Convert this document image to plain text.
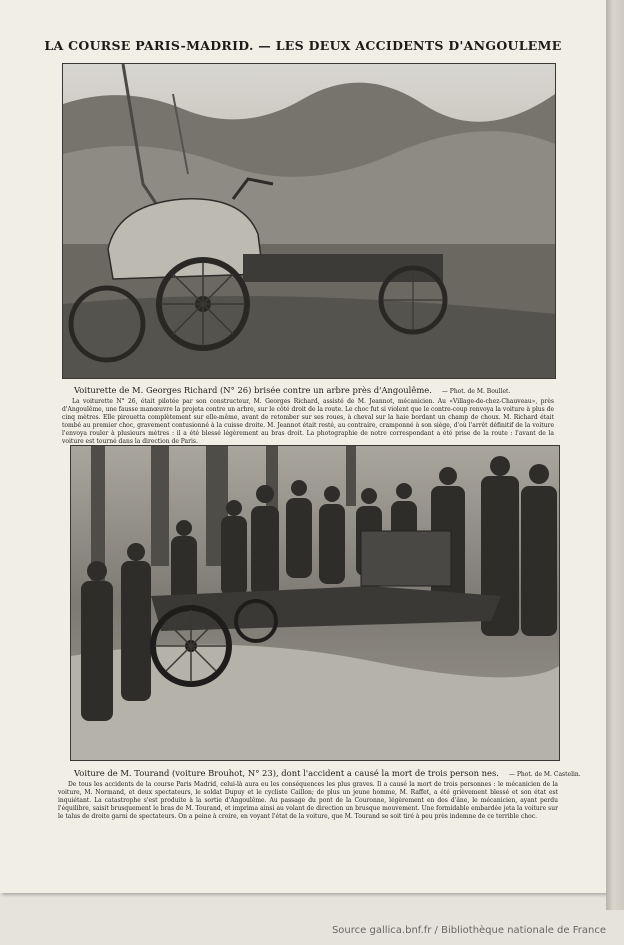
LA COURSE PARIS-MADRID. — LES DEUX ACCIDENTS D'ANGOULEME
Voiturette de M. Georges Richard (N° 26) brisée contre un arbre près d'Angoulême. — Phot. de M. Boullet.
La voiturette N° 26, était pilotée par son constructeur, M. Georges Richard, assisté de M. Jeannot, mécanicien. Au «Village-de-chez-Chauveau», près d'Angoulême, une fausse manœuvre la projeta contre un arbre, sur le côté droit de la route. Le choc fut si violent que le contre-coup renvoya la voiture à plus de cinq mètres. Elle pirouetta complètement sur elle-même, avant de retomber sur ses roues, à cheval sur la haie bordant un champ de choux. M. Richard était tombé au premier choc, gravement contusionné à la cuisse droite. M. Jeannot était resté, au contraire, cramponné à son siège, d'où l'arrêt définitif de la voiture l'envoya rouler à plusieurs mètres : il a été blessé légèrement au bras droit. La photographie de notre correspondant a été prise de la route : l'avant de la voiture est tourné dans la direction de Paris.
Voiture de M. Tourand (voiture Brouhot, N° 23), dont l'accident a causé la mort de trois person nes. — Phot. de M. Castelin.
De tous les accidents de la course Paris Madrid, celui-là aura eu les conséquences les plus graves. Il a causé la mort de trois personnes : le mécanicien de la voiture, M. Normand, et deux spectateurs, le soldat Dupuy et le cycliste Caillon; de plus un jeune homme, M. Raffet, a été grièvement blessé et son état est inquiétant. La catastrophe s'est produite à la sortie d'Angoulême. Au passage du pont de la Couronne, légèrement en dos d'âne, le mécanicien, ayant perdu l'équilibre, saisit brusquement le bras de M. Tourand, et imprima ainsi au volant de direction un brusque mouvement. Une formidable embardée jeta la voiture sur le talus de droite garni de spectateurs. On a peine à croire, en voyant l'état de la voiture, que M. Tourand se soit tiré à peu près indemne de ce terrible choc.
Source gallica.bnf.fr / Bibliothèque nationale de France
